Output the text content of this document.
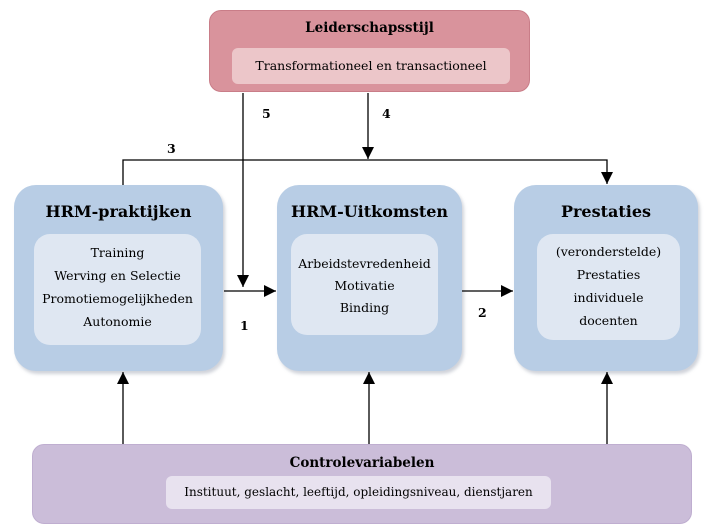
Leiderschapsstijl
Transformationeel en transactioneel
HRM-praktijken
Training
Werving en Selectie
Promotiemogelijkheden
Autonomie
HRM-Uitkomsten
Arbeidstevredenheid
Motivatie
Binding
Prestaties
(veronderstelde)
Prestaties
individuele
docenten
Controlevariabelen
Instituut, geslacht, leeftijd, opleidingsniveau, dienstjaren
1
2
3
4
5
